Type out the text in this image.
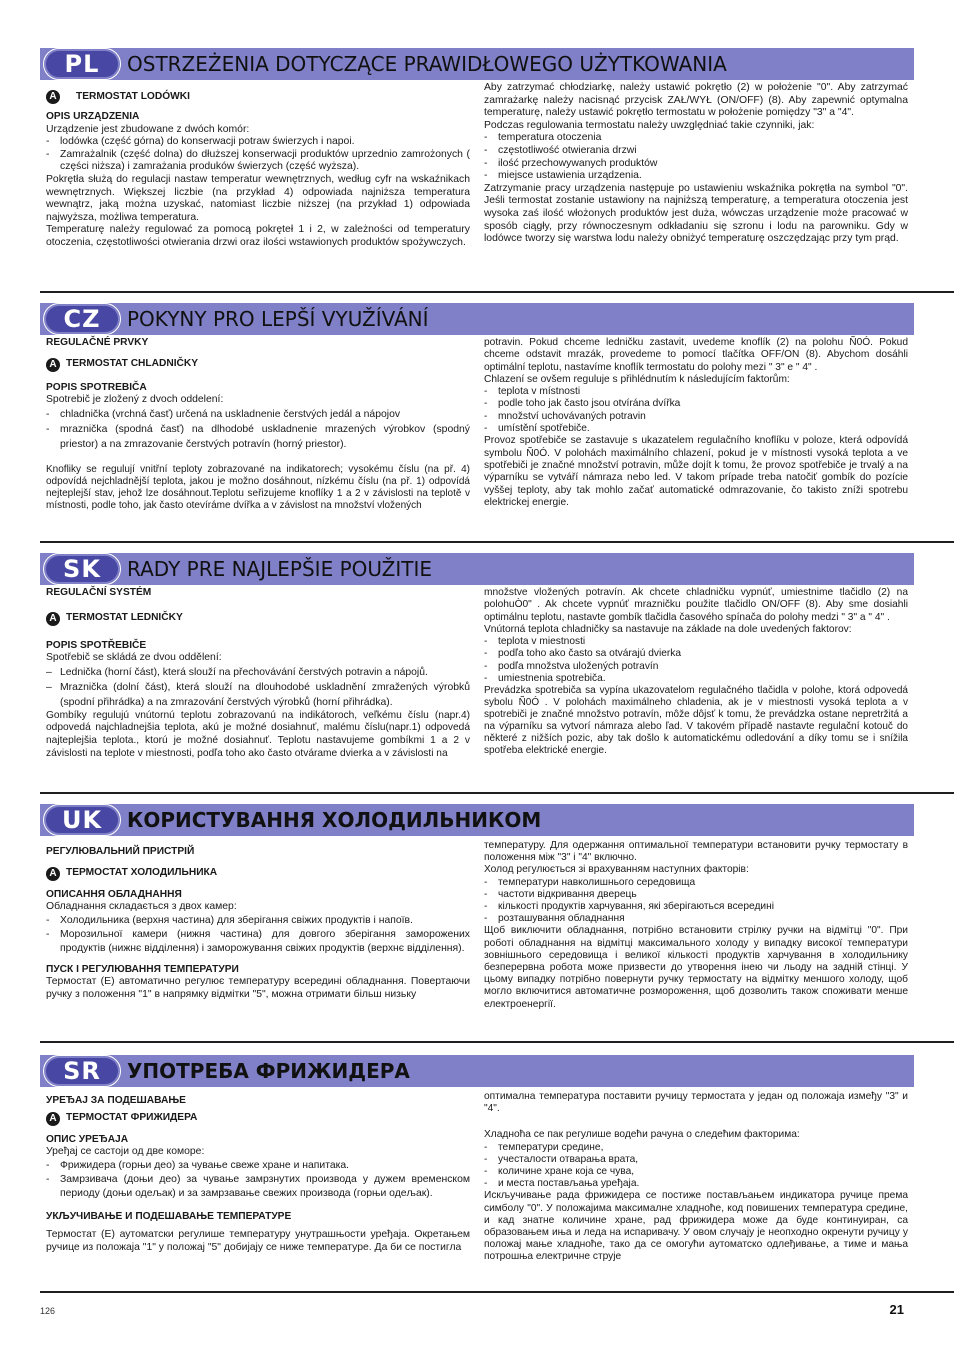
PL	OSTRZEŻENIA DOTYCZĄCE PRAWIDŁOWEGO UŻYTKOWANIA
A	TERMOSTAT LODÓWKI

OPIS URZĄDZENIA

Urządzenie jest zbudowane z dwóch komór:

-	lodówka (część górna) do konserwacji potraw świerzych i napoi.
-	Zamrażalnik (część dolna) do dłuższej konserwacji produktów uprzednio zamrożonych ( części niższa) i zamrażania produków świerzych (część wyższa).

Pokrętła służą do regulacji nastaw temperatur wewnętrznych, według cyfr na wskaźnikach wewnętrznych. Większej liczbie (na przykład 4) odpowiada najniższa temperatura wewnątrz, jaką można uzyskać, natomiast liczbie niższej (na przykład 1) odpowiada najwyższa, możliwa temperatura.

Temperaturę należy regulować za pomocą pokręteł 1 i 2, w zależności od temperatury otoczenia, częstotliwości otwierania drzwi oraz ilości wstawionych produktów spożywczych.

Aby zatrzymać chłodziarkę, należy ustawić pokrętło (2) w położenie "0". Aby zatrzymać zamrażarkę należy nacisnąć przycisk ZAŁ/WYŁ (ON/OFF) (8). Aby zapewnić optymalna temperaturę, należy ustawić pokrętło termostatu w położenie pomiędzy "3" a "4".

Podczas regulowania termostatu należy uwzględniać takie czynniki, jak:

-	temperatura otoczenia
-	częstotliwość otwierania drzwi
-	ilość przechowywanych produktów
-	miejsce ustawienia urządzenia.

Zatrzymanie pracy urządzenia następuje po ustawieniu wskaźnika pokrętła na symbol "0". Jeśli termostat zostanie ustawiony na najniższą temperaturę, a temperatura otoczenia jest wysoka zaś ilość włożonych produktów jest duża, wówczas urządzenie może pracować w sposób ciągły, przy równoczesnym odkładaniu się szronu i lodu na parowniku. Gdy w lodówce tworzy się warstwa lodu należy obniżyć temperaturę oszczędzając przy tym prąd.

CZ	POKYNY PRO LEPŠÍ VYUŽÍVÁNÍ

REGULAČNÉ PRVKY

A TERMOSTAT CHLADNIČKY

POPIS SPOTREBIČA

Spotrebič je zložený z dvoch oddelení:

-	chladnička (vrchná časť) určená na uskladnenie čerstvých jedál a nápojov
-	mraznička (spodná časť) na dlhodobé uskladnenie mrazených výrobkov (spodný priestor) a na zmrazovanie čerstvých potravín (horný priestor).

Knofliky se regulují vnitřní teploty zobrazované na indikatorech; vysokému číslu (na př. 4) odpovídá nejchladnější teplota, jakou je možno dosáhnout, nízkému číslu (na př. 1) odpovídá nejteplejší stav, jehož lze dosáhnout.Teplotu seřizujeme knoflíky 1 a 2 v závislosti na teplotě v místnosti, podle toho, jak často otevíráme dvířka a v závislost na množství vložených

potravin. Pokud chceme ledničku zastavit, uvedeme knoflík (2) na polohu Ñ0Ó. Pokud chceme odstavit mrazák, provedeme to pomocí tlačítka OFF/ON (8). Abychom dosáhli optimální teplotu, nastavíme knoflík termostatu do polohy mezi " 3" e " 4" .

Chlazení se ovšem reguluje s přihlédnutím k následujícím faktorům:

-	teplota v místnosti
-	podle toho jak často jsou otvírána dvířka
-	množství uchovávaných potravin
-	umístění spotřebiče.

Provoz spotřebiče se zastavuje s ukazatelem regulačního knoflíku v poloze, která odpovídá symbolu Ñ0Ó. V polohách maximálního chlazení, pokud je v místnosti vysoká teplota a ve spotřebiči je značné množství potravin, může dojít k tomu, že provoz spotřebiče je trvalý a na výparníku se vytváří námraza nebo led. V takom prípade treba natočiť gombík do pozície vyššej teploty, aby tak mohlo začať automatické odmrazovanie, čo takisto zníži spotrebu elektrickej energie.

SK	RADY PRE NAJLEPŠIE POUŽITIE

REGULAČNÍ SYSTÉM

A TERMOSTAT LEDNIČKY

POPIS SPOTŘEBIČE

Spotřebič se skládá ze dvou oddělení:

– Lednička (horní část), která slouží na přechovávání čerstvých potravin a nápojů.
– Mraznička (dolní část), která slouží na dlouhodobé uskladnění zmražených výrobků (spodní přihrádka) a na zmrazování čerstvých výrobků (horní přihrádka).

Gombíky regulujú vnútornú teplotu zobrazovanú na indikátoroch, veľkému číslu (napr.4) odpovedá najchladnejšia teplota, akú je možné dosiahnuť, malému číslu(napr.1) odpovedá najteplejšia teplota., ktorú je možné dosiahnuť. Teplotu nastavujeme gombíkmi 1 a 2 v závislosti na teplote v miestnosti, podľa toho ako často otvárame dvierka a v závislosti na

množstve vložených potravín. Ak chcete chladničku vypnúť, umiestnime tlačidlo (2) na polohuÒ0" . Ak chcete vypnúť mrazničku použite tlačidlo ON/OFF (8). Aby sme dosiahli optimálnu teplotu, nastavte gombík tlačidla časového spínača do polohy medzi " 3" a " 4" .

Vnútorná teplota chladničky sa nastavuje na základe na dole uvedených faktorov:

-	teplota v miestnosti
-	podľa toho ako často sa otvárajú dvierka
-	podľa množstva uložených potravín
-	umiestnenia spotrebiča.

Prevádzka spotrebiča sa vypína ukazovatelom regulačného tlačidla v polohe, ktorá odpovedá sybolu Ñ0Ó . V polohách maximálneho chladenia, ak je v miestnosti vysoká teplota a v spotrebiči je značné množstvo potravín, môže dôjsť k tomu, že prevádzka ostane nepretržitá a na výparníku sa vytvorí námraza alebo ľad. V takovém případě nastavte regulační kotouč do některé z nižších pozic, aby tak došlo k automatickému odledování a díky tomu se i snížila spotřeba elektrické energie.

UK	КОРИСТУВАННЯ ХОЛОДИЛЬНИКОМ

РЕГУЛЮВАЛЬНИЙ ПРИСТРІЙ

A ТЕРМОСТАТ ХОЛОДИЛЬНИКА

ОПИСАННЯ ОБЛАДНАННЯ

Обладнання складається з двох камер:

-	Холодильника (верхня частина) для зберігання свіжих продуктів і напоїв.
-	Морозильної камери (нижня частина) для довгого зберігання заморожених продуктів (нижнє відділення) і заморожування свіжих продуктів (верхнє відділення).

ПУСК І РЕГУЛЮВАННЯ ТЕМПЕРАТУРИ

Термостат (E) автоматично регулює температуру всередині обладнання. Повертаючи ручку з положення "1" в напрямку відмітки "5", можна отримати більш низьку

температуру. Для одержання оптимальної температури встановити ручку термостату в положення між "3" і "4" включно.

Холод регулюється зі врахуванням наступних факторів:

-	температури навколишнього середовища
-	частоти відкривання дверець
-	кількості продуктів харчування, які зберігаються всередині
-	розташування обладнання

Щоб виключити обладнання, потрібно встановити стрілку ручки на відмітці "0". При роботі обладнання на відмітці максимального холоду у випадку високої температури зовнішнього середовища і великої кількості продуктів харчування в холодильнику безперервна робота може призвести до утворення інею чи льоду на задній стінці. У цьому випадку потрібно повернути ручку термостату на відмітку меншого холоду, щоб могло включитися автоматичне розмороження, щоб дозволить також споживати менше електроенергії.

SR	УПОТРЕБА ФРИЖИДЕРА

УРЕЂАЈ ЗА ПОДЕШАВАЊЕ

A ТЕРМОСТАТ ФРИЖИДЕРА

ОПИС УРЕЂАЈА

Уређај се састоји од две коморе:

-	Фрижидера (горњи део) за чување свеже хране и напитака.
-	Замрзивача (доњи део) за чување замрзнутих производа у дужем временском периоду (доњи одељак) и за замрзавање свежих производа (горњи одељак).

УКЉУЧИВАЊЕ И ПОДЕШАВАЊЕ ТЕМПЕРАТУРЕ

Термостат (E) аутоматски регулише температуру унутрашњости уређаја. Окретањем ручице из положаја "1" у положај "5" добијају се ниже температуре. Да би се постигла

оптимална температура поставити ручицу термостата у један од положаја између "3" и "4".

Хладноћа се пак регулише водећи рачуна о следећим факторима:

-	температури средине,
-	учесталости отварања врата,
-	количине хране која се чува,
-	и места постављања уређаја.

Искључивање рада фрижидера се постиже постављањем индикатора ручице према симболу "0". У положајима максималне хладноће, код повишених температура средине, и кад знатне количине хране, рад фрижидера може да буде континуиран, са образовањем иња и леда на испаривачу. У овом случају је неопходно окренути ручицу у положај мање хладноће, тако да се омогући аутоматско одлеђивање, а тиме и мања потрошња електричне струје

126	21
